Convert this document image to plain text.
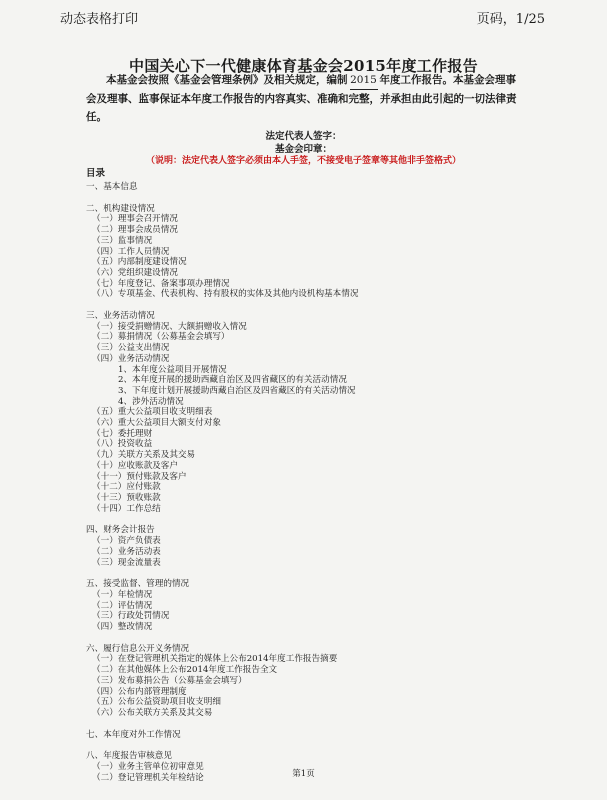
动态表格打印	页码，1/25
中国关心下一代健康体育基金会2015年度工作报告
本基金会按照《基金会管理条例》及相关规定，编制 2015 年度工作报告。本基金会理事
会及理事、监事保证本年度工作报告的内容真实、准确和完整，并承担由此引起的一切法律责
任。
法定代表人签字：
基金会印章：
（说明：法定代表人签字必须由本人手签，不接受电子签章等其他非手签格式）
目录
一、基本信息
二、机构建设情况
（一）理事会召开情况
（二）理事会成员情况
（三）监事情况
（四）工作人员情况
（五）内部制度建设情况
（六）党组织建设情况
（七）年度登记、备案事项办理情况
（八）专项基金、代表机构、持有股权的实体及其他内设机构基本情况
三、业务活动情况
（一）接受捐赠情况、大额捐赠收入情况
（二）募捐情况（公募基金会填写）
（三）公益支出情况
（四）业务活动情况
1、本年度公益项目开展情况
2、本年度开展的援助西藏自治区及四省藏区的有关活动情况
3、下年度计划开展援助西藏自治区及四省藏区的有关活动情况
4、涉外活动情况
（五）重大公益项目收支明细表
（六）重大公益项目大额支付对象
（七）委托理财
（八）投资收益
（九）关联方关系及其交易
（十）应收账款及客户
（十一）预付账款及客户
（十二）应付账款
（十三）预收账款
（十四）工作总结
四、财务会计报告
（一）资产负债表
（二）业务活动表
（三）现金流量表
五、接受监督、管理的情况
（一）年检情况
（二）评估情况
（三）行政处罚情况
（四）整改情况
六、履行信息公开义务情况
（一）在登记管理机关指定的媒体上公布2014年度工作报告摘要
（二）在其他媒体上公布2014年度工作报告全文
（三）发布募捐公告（公募基金会填写）
（四）公布内部管理制度
（五）公布公益资助项目收支明细
（六）公布关联方关系及其交易
七、本年度对外工作情况
八、年度报告审核意见
（一）业务主管单位初审意见
（二）登记管理机关年检结论	第1页
